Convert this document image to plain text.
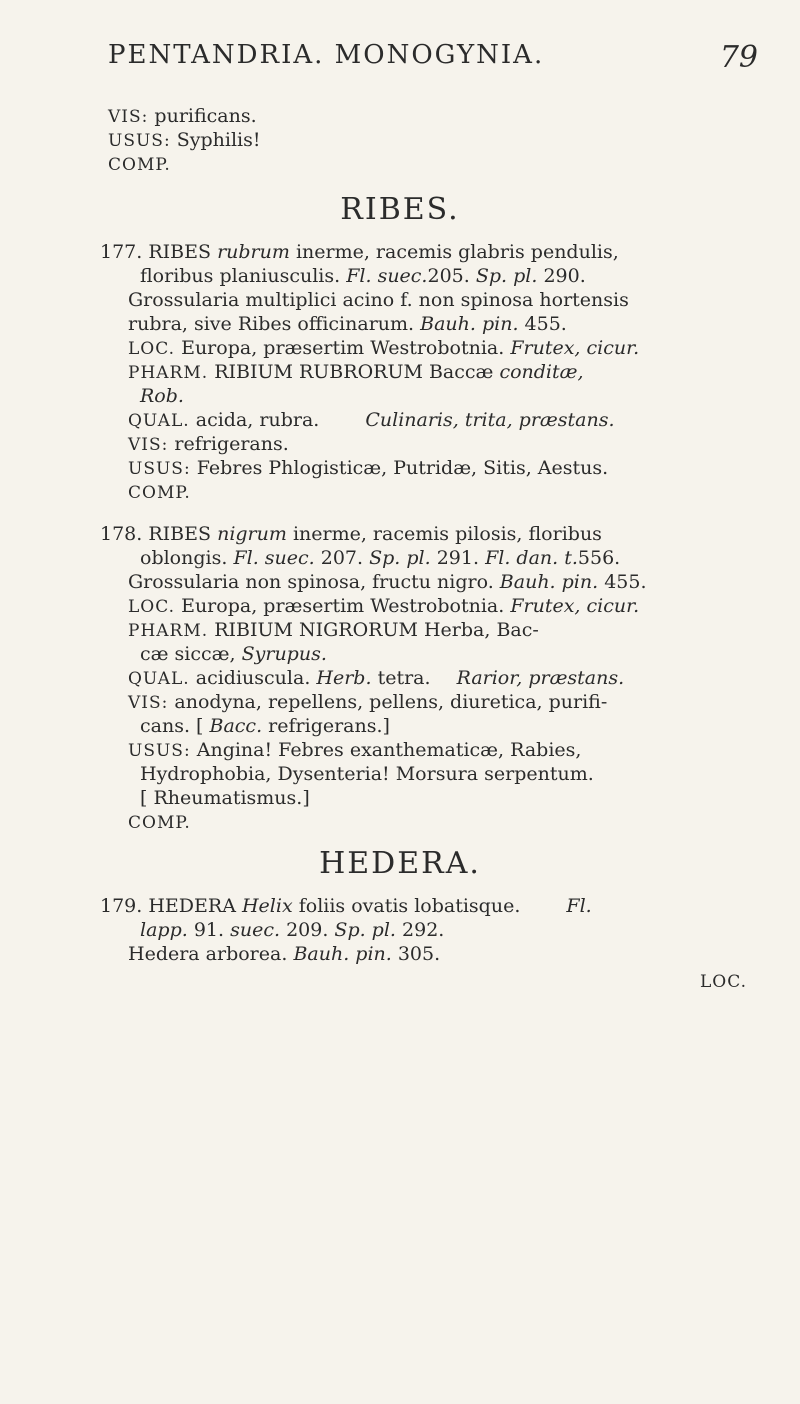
PENTANDRIA. MONOGYNIA.	79
VIS: purificans.
USUS: Syphilis!
COMP.
RIBES.
177. RIBES rubrum inerme, racemis glabris pendulis,
floribus planiusculis. Fl. suec.205. Sp. pl. 290.
Grossularia multiplici acino f. non spinosa hortensis
rubra, sive Ribes officinarum. Bauh. pin. 455.
LOC. Europa, præsertim Westrobotnia. Frutex, cicur.
PHARM. RIBIUM RUBRORUM Baccæ conditæ,
Rob.
QUAL. acida, rubra. Culinaris, trita, præstans.
VIS: refrigerans.
USUS: Febres Phlogisticæ, Putridæ, Sitis, Aestus.
COMP.
178. RIBES nigrum inerme, racemis pilosis, floribus
oblongis. Fl. suec. 207. Sp. pl. 291. Fl. dan. t.556.
Grossularia non spinosa, fructu nigro. Bauh. pin. 455.
LOC. Europa, præsertim Westrobotnia. Frutex, cicur.
PHARM. RIBIUM NIGRORUM Herba, Bac-
cæ siccæ, Syrupus.
QUAL. acidiuscula. Herb. tetra. Rarior, præstans.
VIS: anodyna, repellens, pellens, diuretica, purifi-
cans. [ Bacc. refrigerans.]
USUS: Angina! Febres exanthematicæ, Rabies,
Hydrophobia, Dysenteria! Morsura serpentum.
[ Rheumatismus.]
COMP.
HEDERA.
179. HEDERA Helix foliis ovatis lobatisque. Fl.
lapp. 91. suec. 209. Sp. pl. 292.
Hedera arborea. Bauh. pin. 305.
LOC.
